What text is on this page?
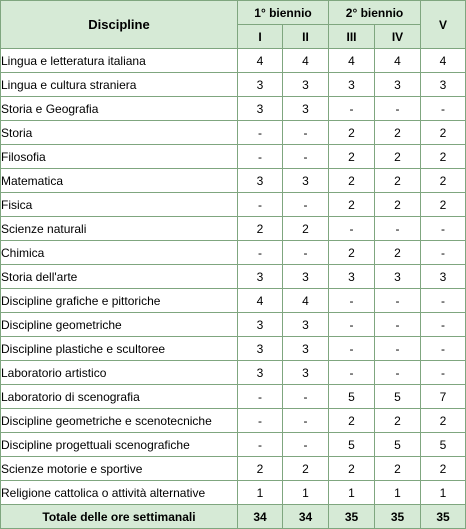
Discipline	1° biennio		2° biennio		V
	I	II	III	IV	
Lingua e letteratura italiana	4	4	4	4	4
Lingua e cultura straniera	3	3	3	3	3
Storia e Geografia	3	3	-	-	-
Storia	-	-	2	2	2
Filosofia	-	-	2	2	2
Matematica	3	3	2	2	2
Fisica	-	-	2	2	2
Scienze naturali	2	2	-	-	-
Chimica	-	-	2	2	-
Storia dell'arte	3	3	3	3	3
Discipline grafiche e pittoriche	4	4	-	-	-
Discipline geometriche	3	3	-	-	-
Discipline plastiche e scultoree	3	3	-	-	-
Laboratorio artistico	3	3	-	-	-
Laboratorio di scenografia	-	-	5	5	7
Discipline geometriche e scenotecniche	-	-	2	2	2
Discipline progettuali scenografiche	-	-	5	5	5
Scienze motorie e sportive	2	2	2	2	2
Religione cattolica o attività alternative	1	1	1	1	1
Totale delle ore settimanali	34	34	35	35	35
